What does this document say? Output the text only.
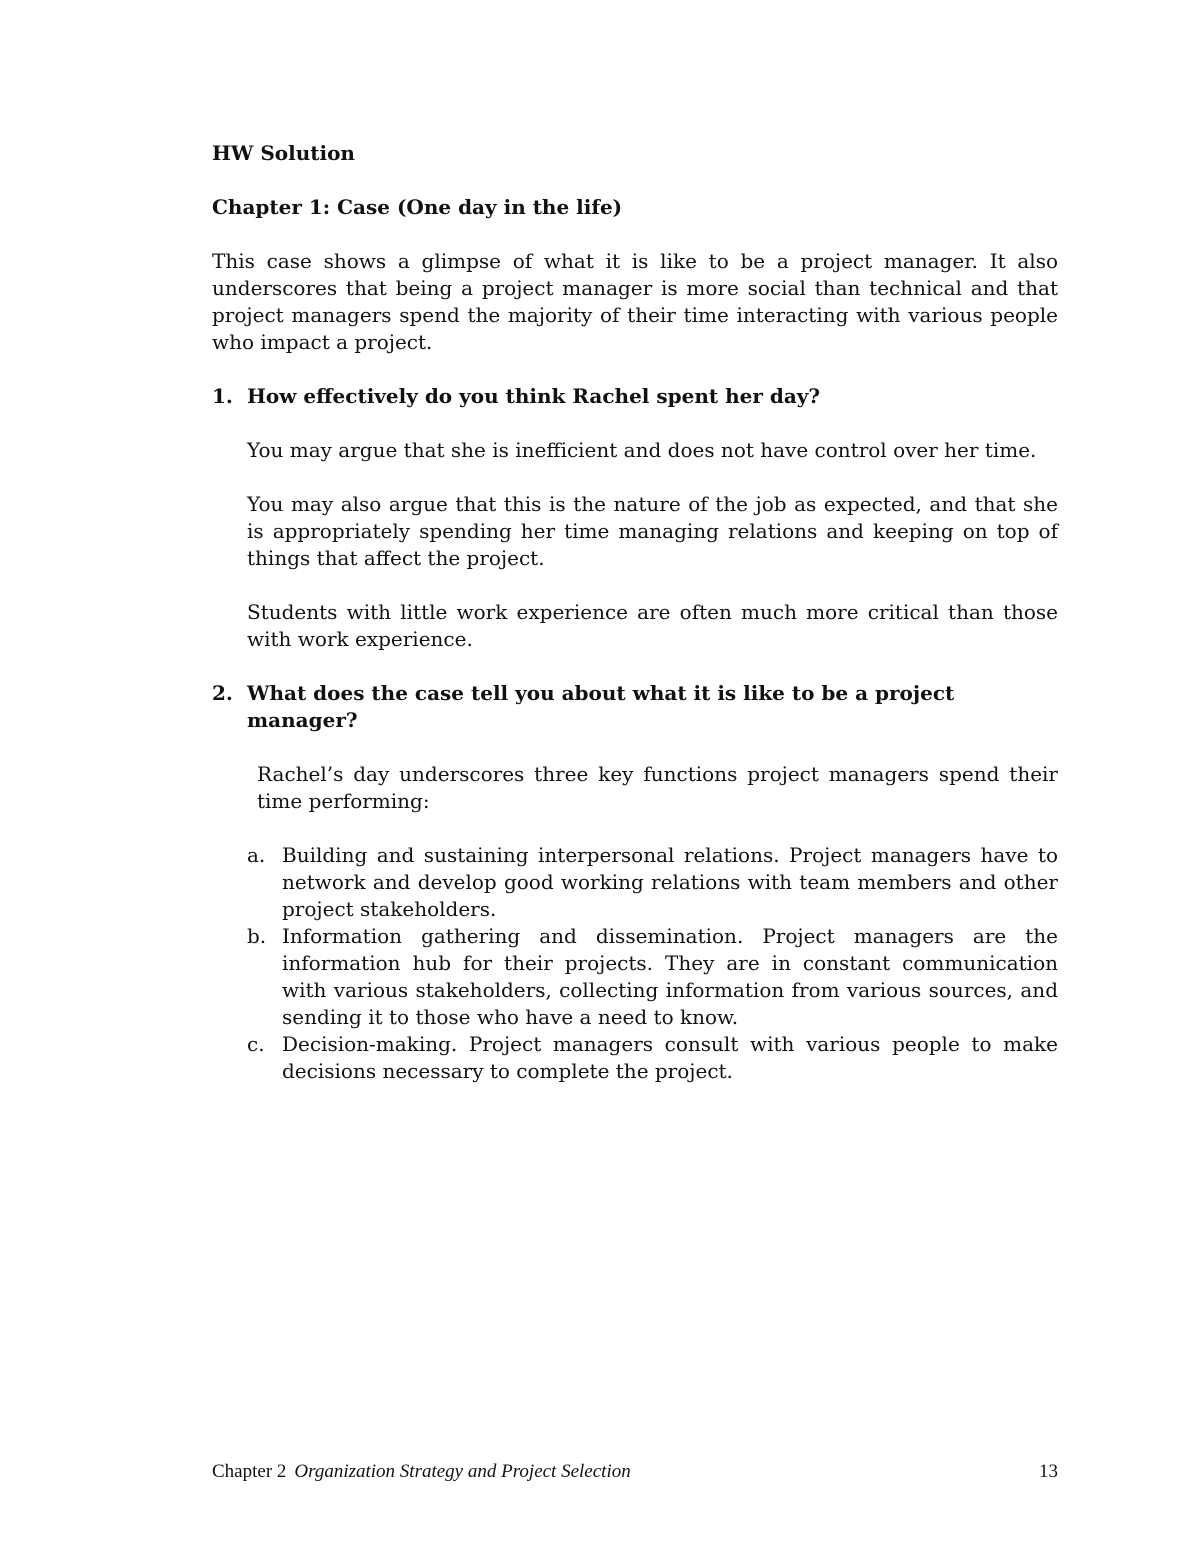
HW Solution
Chapter 1: Case (One day in the life)

This case shows a glimpse of what it is like to be a project manager. It also underscores that being a project manager is more social than technical and that project managers spend the majority of their time interacting with various people who impact a project.

1. How effectively do you think Rachel spent her day?

You may argue that she is inefficient and does not have control over her time.

You may also argue that this is the nature of the job as expected, and that she is appropriately spending her time managing relations and keeping on top of things that affect the project.

Students with little work experience are often much more critical than those with work experience.

2. What does the case tell you about what it is like to be a project manager?

Rachel’s day underscores three key functions project managers spend their time performing:

a. Building and sustaining interpersonal relations. Project managers have to network and develop good working relations with team members and other project stakeholders.
b. Information gathering and dissemination. Project managers are the information hub for their projects. They are in constant communication with various stakeholders, collecting information from various sources, and sending it to those who have a need to know.
c. Decision-making. Project managers consult with various people to make decisions necessary to complete the project.
Chapter 2 Organization Strategy and Project Selection	13
